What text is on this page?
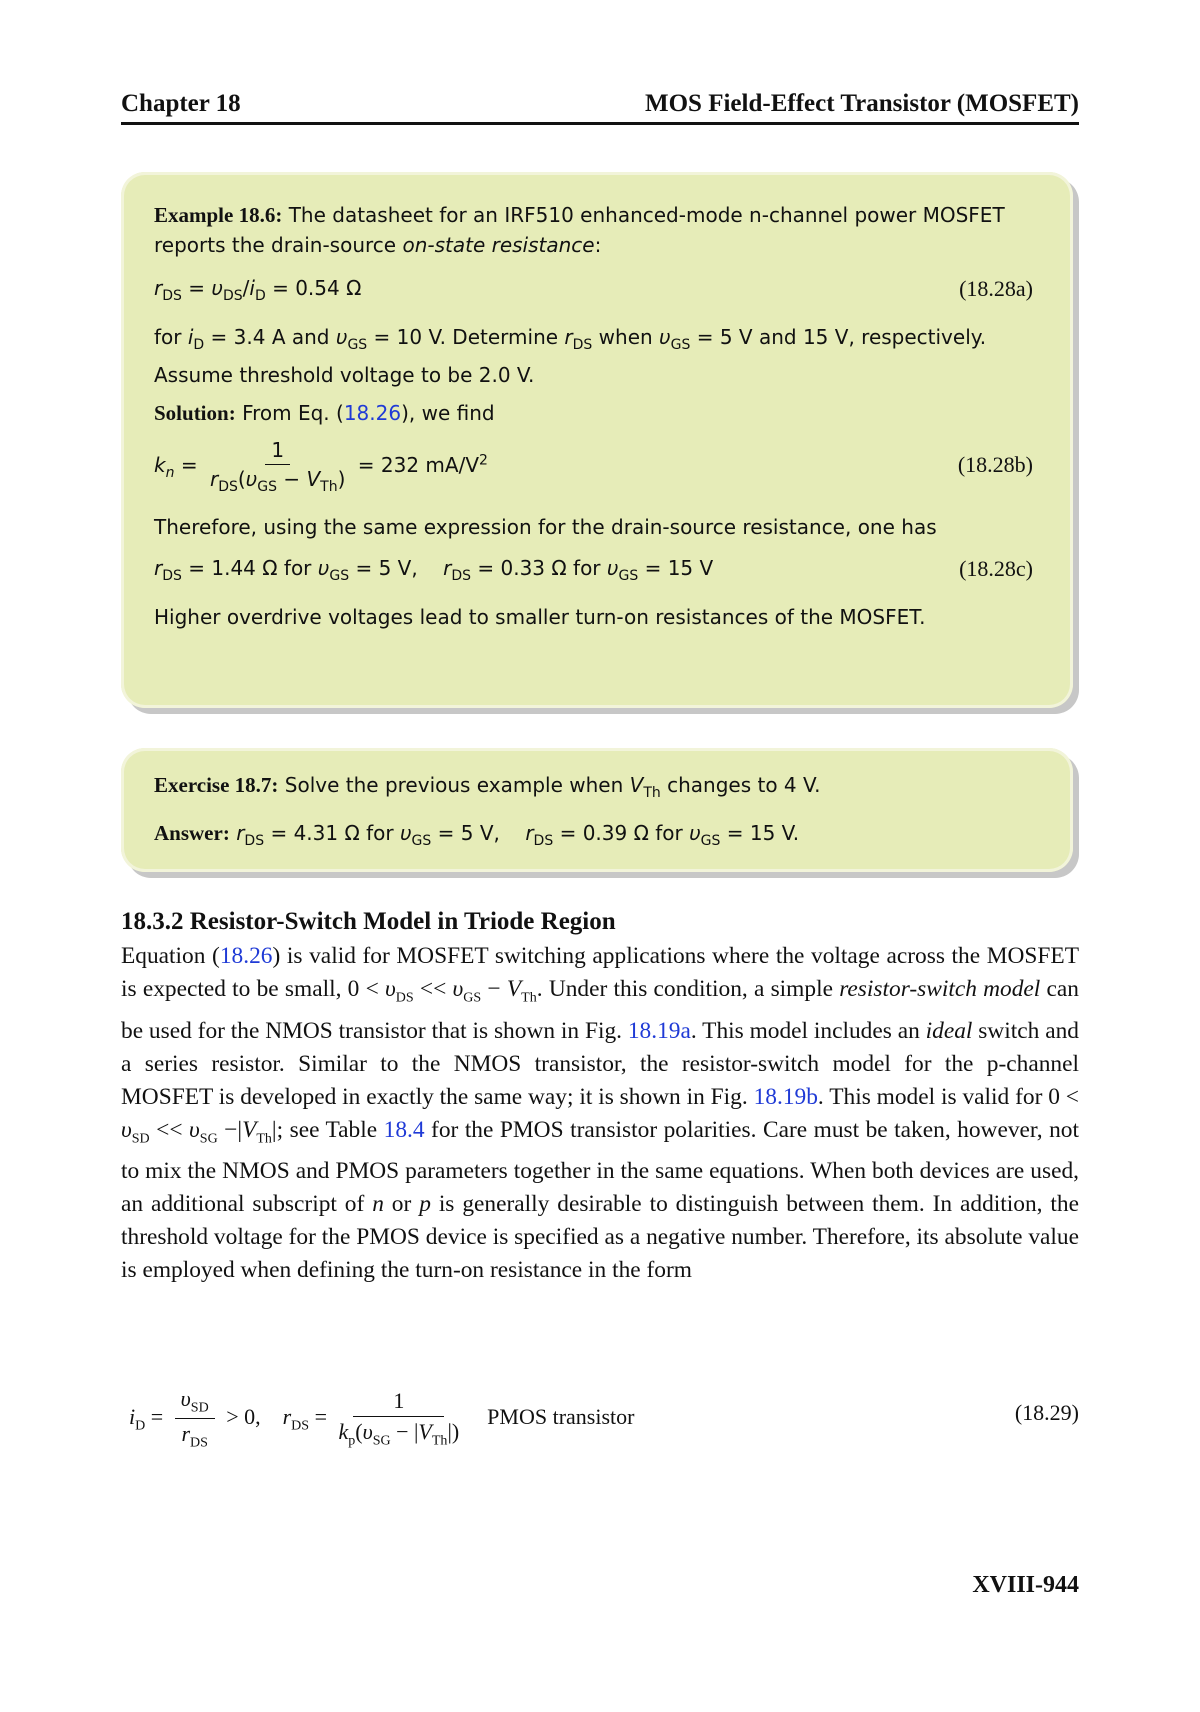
Chapter 18	MOS Field-Effect Transistor (MOSFET)
Example 18.6: The datasheet for an IRF510 enhanced-mode n-channel power MOSFET
reports the drain-source on-state resistance:
$r_{DS} = \upsilon_{DS}/i_D = 0.54$ Ω	(18.28a)
for $i_D = 3.4$ A and $\upsilon_{GS} = 10$ V. Determine $r_{DS}$ when $\upsilon_{GS} = 5$ V and 15 V, respectively.
Assume threshold voltage to be 2.0 V.
Solution: From Eq. (18.26), we find
$k_n = \frac{1}{r_{DS}(\upsilon_{GS} - V_{Th})} = 232$ $mA/V^2$	(18.28b)
Therefore, using the same expression for the drain-source resistance, one has
$r_{DS} = 1.44$ Ω for $\upsilon_{GS} = 5$ V,    $r_{DS} = 0.33$ Ω for $\upsilon_{GS} = 15$ V	(18.28c)
Higher overdrive voltages lead to smaller turn-on resistances of the MOSFET.
Exercise 18.7: Solve the previous example when $V_{Th}$ changes to 4 V.
Answer: $r_{DS} = 4.31$ Ω for $\upsilon_{GS} = 5$ V,    $r_{DS} = 0.39$ Ω for $\upsilon_{GS} = 15$ V.
18.3.2 Resistor-Switch Model in Triode Region
Equation (18.26) is valid for MOSFET switching applications where the voltage across the MOSFET is expected to be small, $0 < \upsilon_{DS} << \upsilon_{GS} - V_{Th}$. Under this condition, a simple resistor-switch model can be used for the NMOS transistor that is shown in Fig. 18.19a. This model includes an ideal switch and a series resistor. Similar to the NMOS transistor, the resistor-switch model for the p-channel MOSFET is developed in exactly the same way; it is shown in Fig. 18.19b. This model is valid for $0 < \upsilon_{SD} << \upsilon_{SG} -|V_{Th}|$; see Table 18.4 for the PMOS transistor polarities. Care must be taken, however, not to mix the NMOS and PMOS parameters together in the same equations. When both devices are used, an additional subscript of n or p is generally desirable to distinguish between them. In addition, the threshold voltage for the PMOS device is specified as a negative number. Therefore, its absolute value is employed when defining the turn-on resistance in the form
$i_D = \frac{\upsilon_{SD}}{r_{DS}} > 0$,    $r_{DS} = \frac{1}{k_p(\upsilon_{SG} - |V_{Th}|)}$ PMOS transistor	(18.29)
XVIII-944
